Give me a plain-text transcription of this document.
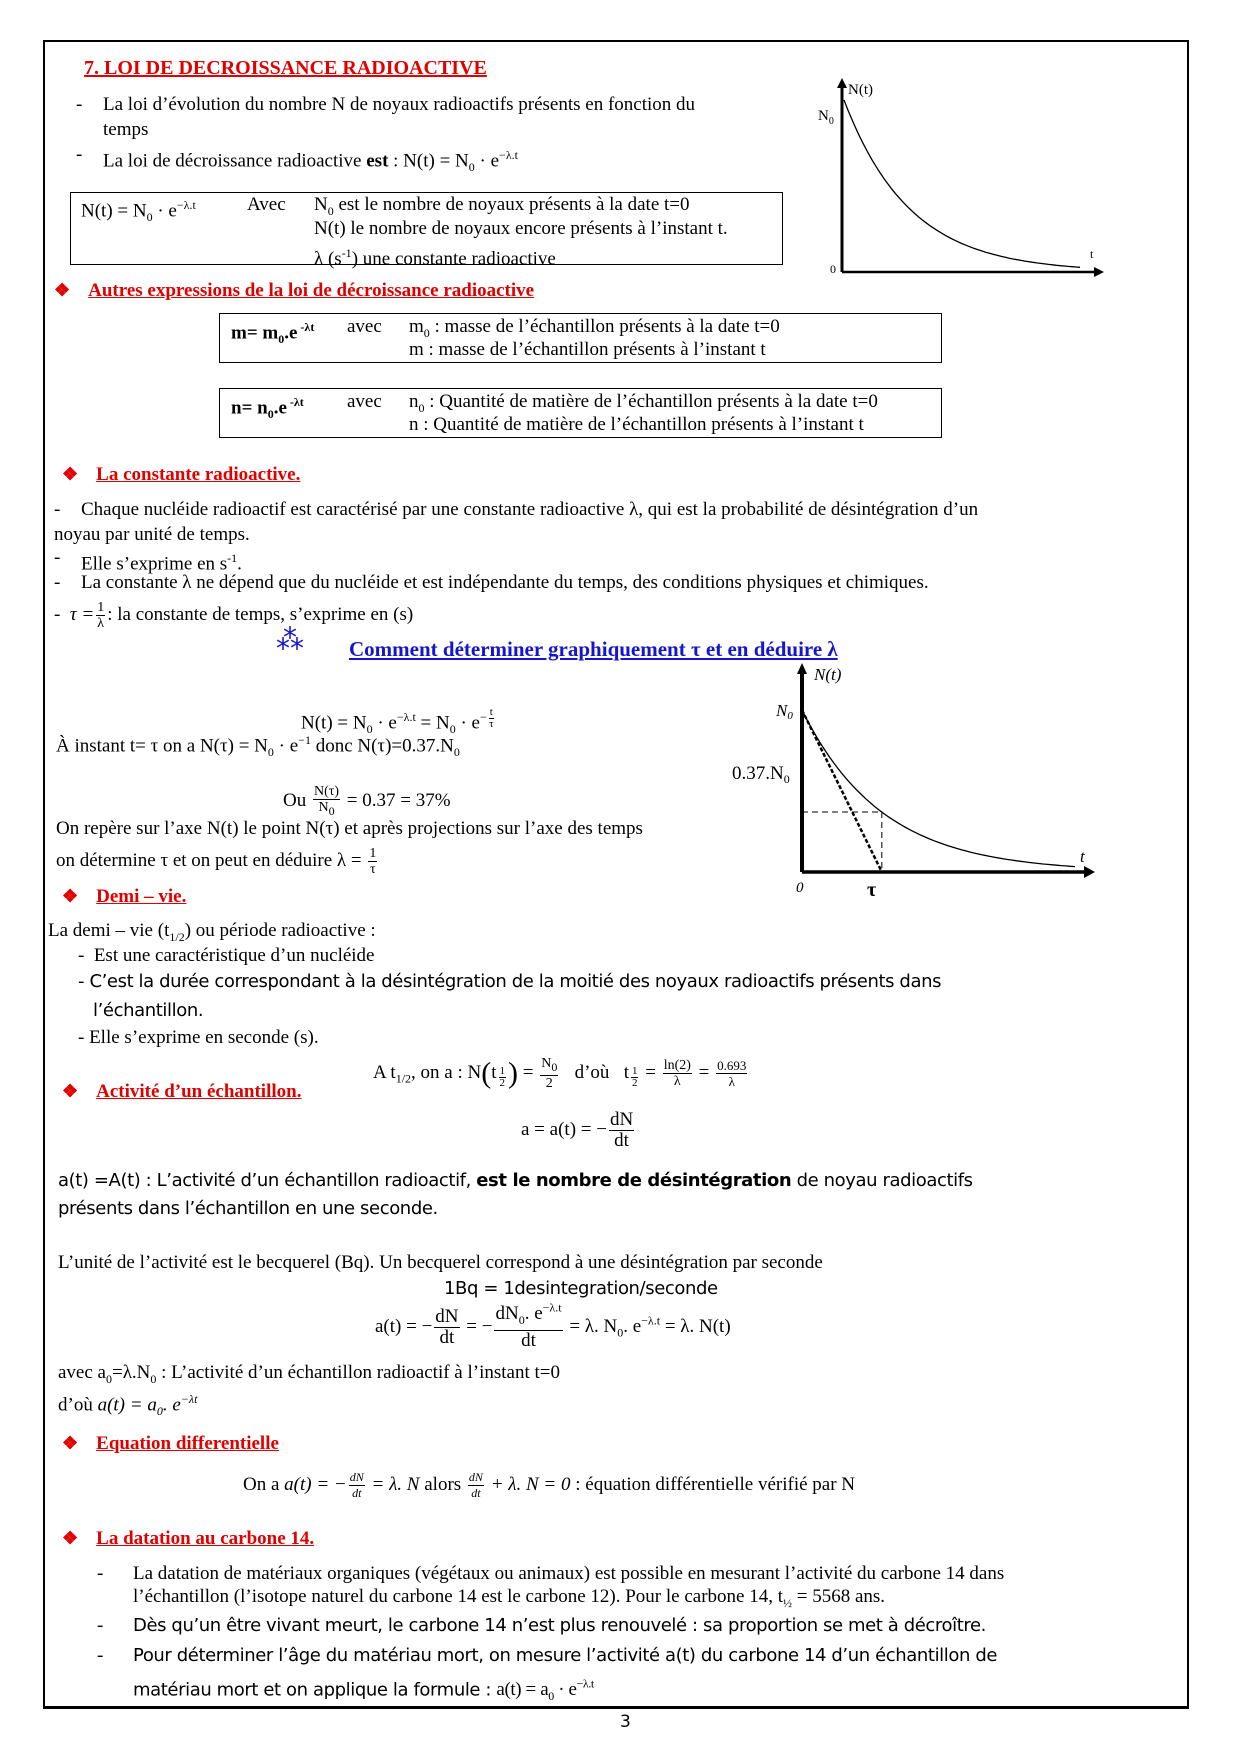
7. LOI DE DECROISSANCE RADIOACTIVE
- La loi d’évolution du nombre N de noyaux radioactifs présents en fonction du
temps
- La loi de décroissance radioactive est : $N(t) = N_0 \cdot e^{-\lambda.t}$
$N(t) = N_0 \cdot e^{-\lambda.t}$	Avec $N_0$ est le nombre de noyaux présents à la date t=0
N(t) le nombre de noyaux encore présents à l’instant t.
λ $(s^{-1})$ une constante radioactive
N(t)
$N_0$
0
t
❖ Autres expressions de la loi de décroissance radioactive
$m= m_0.e$ $^{-\lambda t}$ avec $m_0$ : masse de l’échantillon présents à la date t=0
m : masse de l’échantillon présents à l’instant t
$n= n_0.e$ $^{-\lambda t}$ avec $n_0$ : Quantité de matière de l’échantillon présents à la date t=0
n : Quantité de matière de l’échantillon présents à l’instant t
❖ La constante radioactive.
- Chaque nucléide radioactif est caractérisé par une constante radioactive λ, qui est la probabilité de désintégration d’un
noyau par unité de temps.
- Elle s’exprime en $s^{-1}$.
- La constante λ ne dépend que du nucléide et est indépendante du temps, des conditions physiques et chimiques.
- $\tau = \frac{1}{\lambda}$ : la constante de temps, s’exprime en (s)
⁂ Comment déterminer graphiquement τ et en déduire λ
$N(t) = N_0 \cdot e^{-\lambda.t} = N_0 \cdot e^{- \frac{t}{\tau}}$
À instant t= τ on a $N(\tau) = N_0 \cdot e^{-1}$ donc $N(\tau)=0.37.N_0$
Ou $\frac{N(\tau)}{N_0} = 0.37 = 37\%$
On repère sur l’axe N(t) le point N(τ) et après projections sur l’axe des temps
on détermine τ et on peut en déduire $\lambda = \frac{1}{\tau}$
N(t)
N0
$0.37.N_0$
0
t
τ
❖ Demi – vie.
La demi – vie $(t_{1/2})$ ou période radioactive :
- Est une caractéristique d’un nucléide
- C’est la durée correspondant à la désintégration de la moitié des noyaux radioactifs présents dans
l’échantillon.
- Elle s’exprime en seconde (s).
A $t_{1/2}$, on a : $N(t \frac{1}{2}$ ) = $\frac{N_0}{2}$ d’où t $\frac{1}{2} = \frac{\ln(2)}{\lambda} = \frac{0.693}{\lambda}$
❖ Activité d’un échantillon.
a = a(t) = − $\frac{dN}{dt}$
a(t) =A(t) : L’activité d’un échantillon radioactif, est le nombre de désintégration de noyau radioactifs
présents dans l’échantillon en une seconde.
L’unité de l’activité est le becquerel (Bq). Un becquerel correspond à une désintégration par seconde
1Bq = 1desintegration/seconde
a(t) = − $\frac{dN}{dt}$ = − $\frac{dN_0. e^{-\lambda.t}}{dt} = \lambda$. $N_0$. $e^{-\lambda.t} = \lambda$. N(t)
avec $a_0=\lambda.N_0$ : L’activité d’un échantillon radioactif à l’instant t=0
d’où $a(t) = a_0$. $e^{-\lambda t}$
❖ Equation differentielle
On a a(t) = − $\frac{dN}{dt} = \lambda$. N alors $\frac{dN}{dt} + \lambda$. N = 0 : équation différentielle vérifié par N
❖ La datation au carbone 14.
- La datation de matériaux organiques (végétaux ou animaux) est possible en mesurant l’activité du carbone 14 dans
l’échantillon (l’isotope naturel du carbone 14 est le carbone 12). Pour le carbone 14, $t_{\frac{1}{2}} = 5568$ ans.
- Dès qu’un être vivant meurt, le carbone 14 n’est plus renouvelé : sa proportion se met à décroître.
- Pour déterminer l’âge du matériau mort, on mesure l’activité a(t) du carbone 14 d’un échantillon de
matériau mort et on applique la formule : $a(t) = a_0 \cdot e^{-\lambda.t}$
3
